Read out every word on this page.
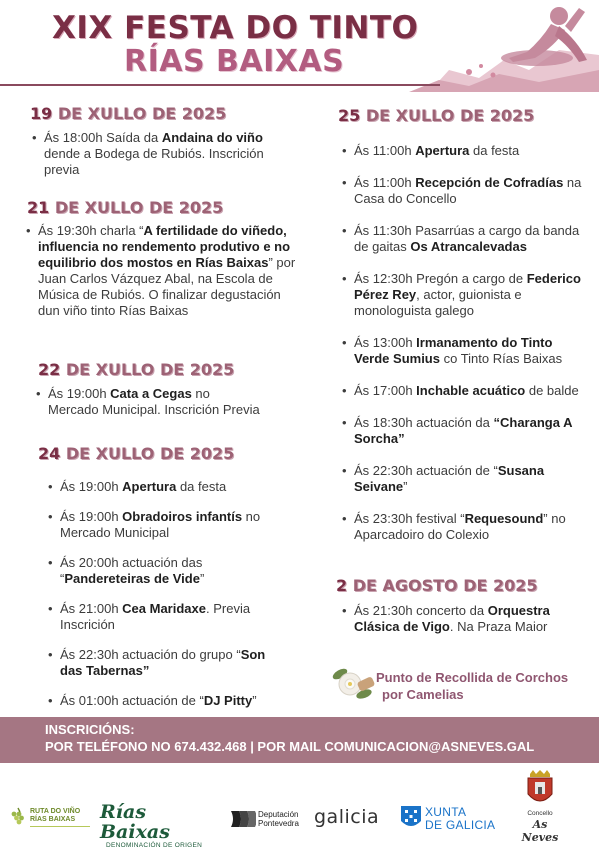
XIX FESTA DO TINTO
RÍAS BAIXAS
19 DE XULLO DE 2025
• Ás 18:00h Saída da Andaina do viño dende a Bodega de Rubiós. Inscrición previa
21 DE XULLO DE 2025
• Ás 19:30h charla “A fertilidade do viñedo, influencia no rendemento produtivo e no equilibrio dos mostos en Rías Baixas” por Juan Carlos Vázquez Abal, na Escola de Música de Rubiós. O finalizar degustación dun viño tinto Rías Baixas
22 DE XULLO DE 2025
• Ás 19:00h Cata a Cegas no Mercado Municipal. Inscrición Previa
24 DE XULLO DE 2025
• Ás 19:00h Apertura da festa
• Ás 19:00h Obradoiros infantís no Mercado Municipal
• Ás 20:00h actuación das “Pandereteiras de Vide”
• Ás 21:00h Cea Maridaxe. Previa Inscrición
• Ás 22:30h actuación do grupo “Son das Tabernas”
• Ás 01:00h actuación de “DJ Pitty”
25 DE XULLO DE 2025
• Ás 11:00h Apertura da festa
• Ás 11:00h Recepción de Cofradías na Casa do Concello
• Ás 11:30h Pasarrúas a cargo da banda de gaitas Os Atrancalevadas
• Ás 12:30h Pregón a cargo de Federico Pérez Rey, actor, guionista e monologuista galego
• Ás 13:00h Irmanamento do Tinto Verde Sumius co Tinto Rías Baixas
• Ás 17:00h Inchable acuático de balde
• Ás 18:30h actuación da “Charanga A Sorcha”
• Ás 22:30h actuación de “Susana Seivane”
• Ás 23:30h festival “Requesound” no Aparcadoiro do Colexio
2 DE AGOSTO DE 2025
• Ás 21:30h concerto da Orquestra Clásica de Vigo. Na Praza Maior
Punto de Recollida de Corchos
por Camelias
INSCRICIÓNS:
POR TELÉFONO NO 674.432.468 | POR MAIL COMUNICACION@ASNEVES.GAL
RUTA DO VIÑO
RÍAS BAIXAS Rías Baixas
DENOMINACIÓN DE ORIGEN
Deputación
Pontevedra galicia	XUNTA
DE GALICIA
Concello
As Neves
